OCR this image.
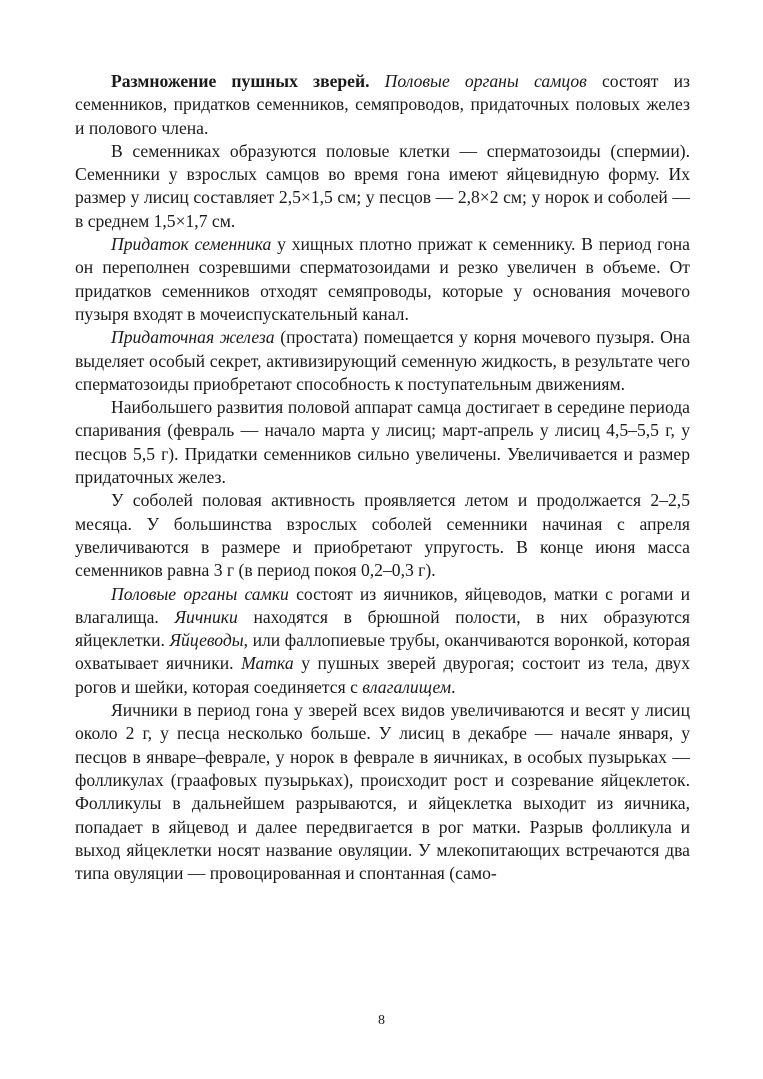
Размножение пушных зверей. Половые органы самцов состоят из семенников, придатков семенников, семяпроводов, придаточных половых желез и полового члена.

В семенниках образуются половые клетки — сперматозоиды (спермии). Семенники у взрослых самцов во время гона имеют яйцевидную форму. Их размер у лисиц составляет 2,5×1,5 см; у песцов — 2,8×2 см; у норок и соболей — в среднем 1,5×1,7 см.

Придаток семенника у хищных плотно прижат к семеннику. В период гона он переполнен созревшими сперматозоидами и резко увеличен в объеме. От придатков семенников отходят семяпроводы, которые у основания мочевого пузыря входят в мочеиспускательный канал.

Придаточная железа (простата) помещается у корня мочевого пузыря. Она выделяет особый секрет, активизирующий семенную жидкость, в результате чего сперматозоиды приобретают способность к поступательным движениям.

Наибольшего развития половой аппарат самца достигает в середине периода спаривания (февраль — начало марта у лисиц; март-апрель у лисиц 4,5–5,5 г, у песцов 5,5 г). Придатки семенников сильно увеличены. Увеличивается и размер придаточных желез.

У соболей половая активность проявляется летом и продолжается 2–2,5 месяца. У большинства взрослых соболей семенники начиная с апреля увеличиваются в размере и приобретают упругость. В конце июня масса семенников равна 3 г (в период покоя 0,2–0,3 г).

Половые органы самки состоят из яичников, яйцеводов, матки с рогами и влагалища. Яичники находятся в брюшной полости, в них образуются яйцеклетки. Яйцеводы, или фаллопиевые трубы, оканчиваются воронкой, которая охватывает яичники. Матка у пушных зверей двурогая; состоит из тела, двух рогов и шейки, которая соединяется с влагалищем.

Яичники в период гона у зверей всех видов увеличиваются и весят у лисиц около 2 г, у песца несколько больше. У лисиц в декабре — начале января, у песцов в январе–феврале, у норок в феврале в яичниках, в особых пузырьках — фолликулах (граафовых пузырьках), происходит рост и созревание яйцеклеток. Фолликулы в дальнейшем разрываются, и яйцеклетка выходит из яичника, попадает в яйцевод и далее передвигается в рог матки. Разрыв фолликула и выход яйцеклетки носят название овуляции. У млекопитающих встречаются два типа овуляции — провоцированная и спонтанная (само-

8
